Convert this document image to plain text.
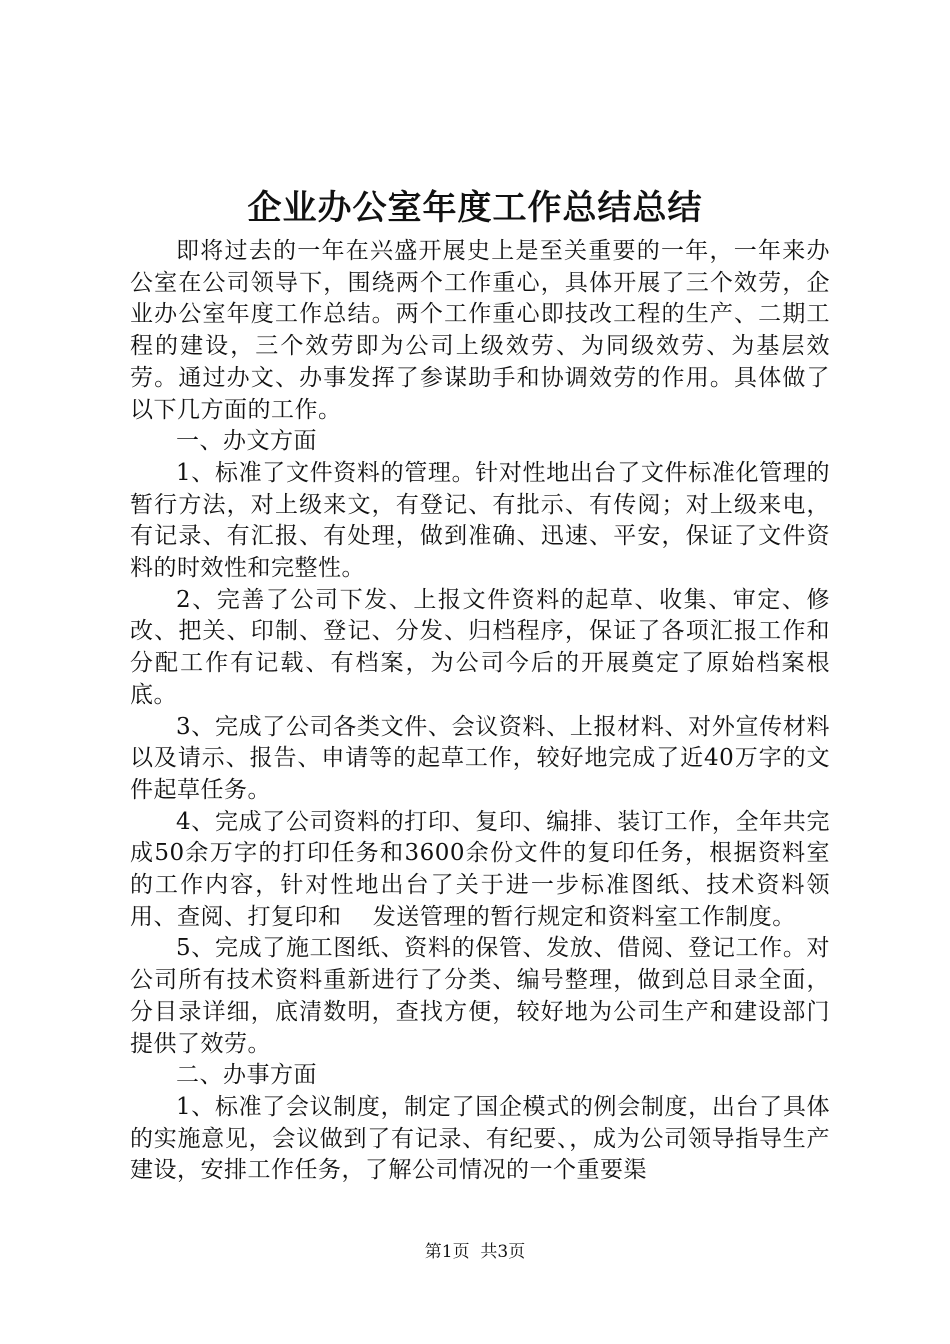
企业办公室年度工作总结总结

即将过去的一年在兴盛开展史上是至关重要的一年，一年来办公室在公司领导下，围绕两个工作重心，具体开展了三个效劳，企业办公室年度工作总结。两个工作重心即技改工程的生产、二期工程的建设，三个效劳即为公司上级效劳、为同级效劳、为基层效劳。通过办文、办事发挥了参谋助手和协调效劳的作用。具体做了以下几方面的工作。

一、办文方面

1、标准了文件资料的管理。针对性地出台了文件标准化管理的暂行方法，对上级来文，有登记、有批示、有传阅；对上级来电，有记录、有汇报、有处理，做到准确、迅速、平安，保证了文件资料的时效性和完整性。

2、完善了公司下发、上报文件资料的起草、收集、审定、修改、把关、印制、登记、分发、归档程序，保证了各项汇报工作和分配工作有记载、有档案，为公司今后的开展奠定了原始档案根底。

3、完成了公司各类文件、会议资料、上报材料、对外宣传材料以及请示、报告、申请等的起草工作，较好地完成了近40万字的文件起草任务。

4、完成了公司资料的打印、复印、编排、装订工作，全年共完成50余万字的打印任务和3600余份文件的复印任务，根据资料室的工作内容，针对性地出台了关于进一步标准图纸、技术资料领用、查阅、打复印和　 发送管理的暂行规定和资料室工作制度。

5、完成了施工图纸、资料的保管、发放、借阅、登记工作。对公司所有技术资料重新进行了分类、编号整理，做到总目录全面，分目录详细，底清数明，查找方便，较好地为公司生产和建设部门提供了效劳。

二、办事方面

1、标准了会议制度，制定了国企模式的例会制度，出台了具体的实施意见，会议做到了有记录、有纪要、，成为公司领导指导生产建设，安排工作任务，了解公司情况的一个重要渠

第1页 共3页
